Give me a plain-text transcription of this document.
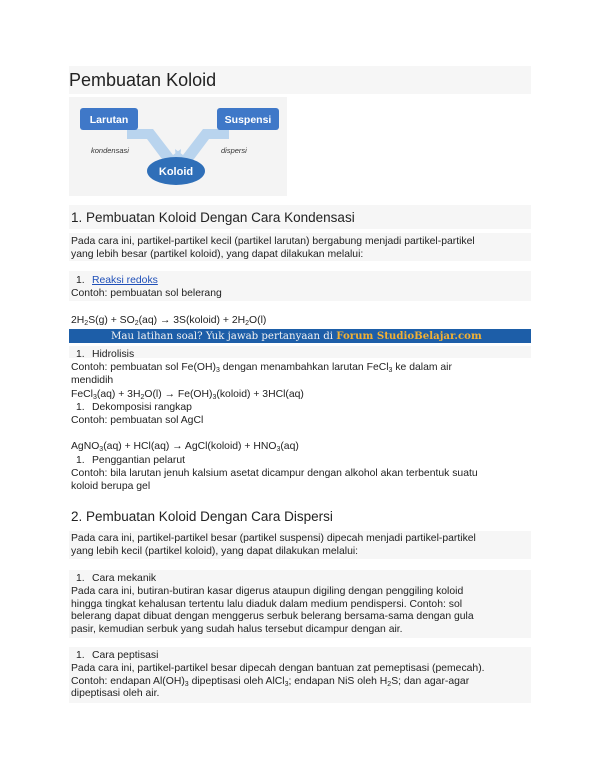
Pembuatan Koloid
Larutan	Suspensi
Koloid
kondensasi	dispersi
1. Pembuatan Koloid Dengan Cara Kondensasi
Pada cara ini, partikel-partikel kecil (partikel larutan) bergabung menjadi partikel-partikel
yang lebih besar (partikel koloid), yang dapat dilakukan melalui:
1. Reaksi redoks
Contoh: pembuatan sol belerang
$2H_2S(g) + SO_2(aq)$ → 3S(koloid) + $2H_2O(l)$
Mau latihan soal? Yuk jawab pertanyaan di Forum StudioBelajar.com
1. Hidrolisis
Contoh: pembuatan sol $Fe(OH)_3$ dengan menambahkan larutan FeCl$_3$ ke dalam air
mendidih
FeCl$_3$(aq) + $3H_2O(l)$ → $Fe(OH)_3(koloid) + 3HCl(aq)$
1. Dekomposisi rangkap
Contoh: pembuatan sol AgCl
AgNO$_3$(aq) + HCl(aq) → AgCl(koloid) + $HNO_3(aq)$
1. Penggantian pelarut
Contoh: bila larutan jenuh kalsium asetat dicampur dengan alkohol akan terbentuk suatu
koloid berupa gel
2. Pembuatan Koloid Dengan Cara Dispersi
Pada cara ini, partikel-partikel besar (partikel suspensi) dipecah menjadi partikel-partikel
yang lebih kecil (partikel koloid), yang dapat dilakukan melalui:
1. Cara mekanik
Pada cara ini, butiran-butiran kasar digerus ataupun digiling dengan penggiling koloid
hingga tingkat kehalusan tertentu lalu diaduk dalam medium pendispersi. Contoh: sol
belerang dapat dibuat dengan menggerus serbuk belerang bersama-sama dengan gula
pasir, kemudian serbuk yang sudah halus tersebut dicampur dengan air.
1. Cara peptisasi
Pada cara ini, partikel-partikel besar dipecah dengan bantuan zat pemeptisasi (pemecah).
Contoh: endapan $Al(OH)_3$ dipeptisasi oleh AlCl$_3$; endapan NiS oleh $H_2S$; dan agar-agar
dipeptisasi oleh air.
